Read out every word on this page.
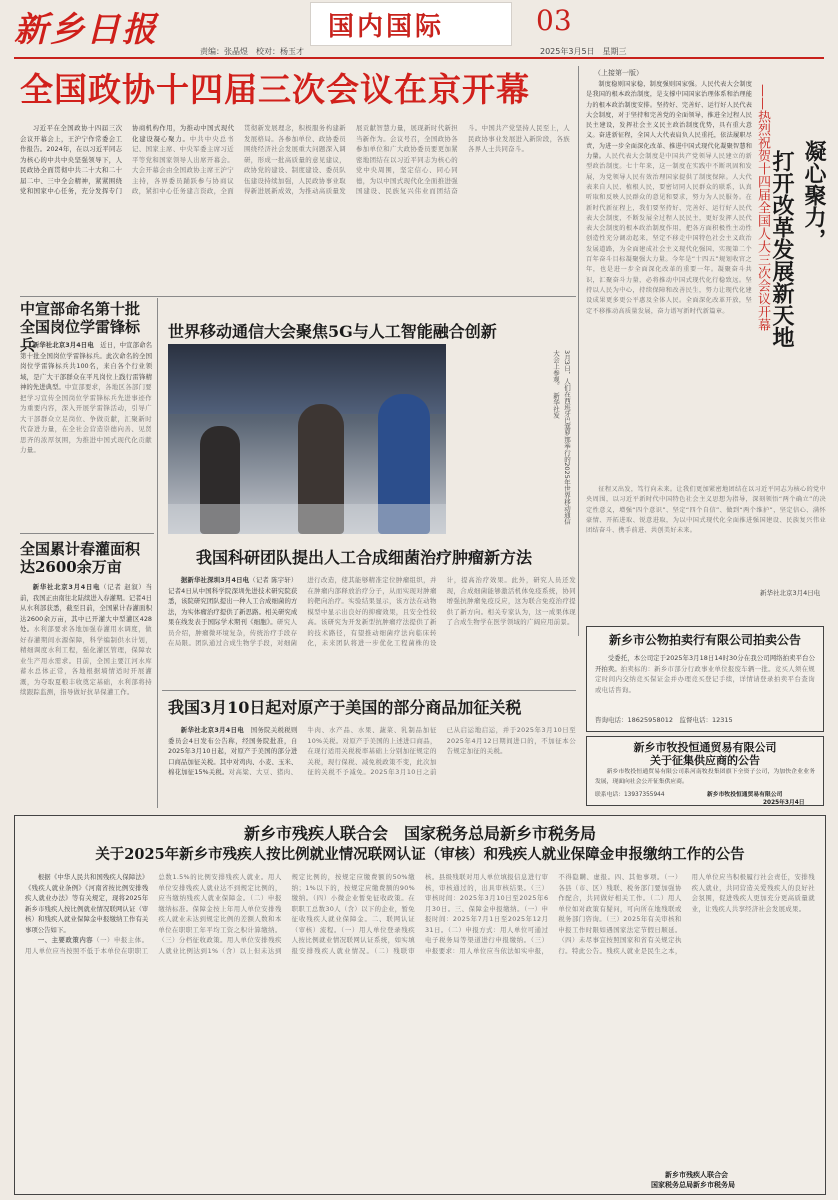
新乡日报	国内国际	03
责编：张晶煜　校对：杨玉才	2025年3月5日　星期三
全国政协十四届三次会议在京开幕

习近平在全国政协十四届三次会议开幕会上，王沪宁作常委会工作报告。2024年，在以习近平同志为核心的中共中央坚强领导下，人民政协全面贯彻中共二十大和二十届二中、三中全会精神，紧紧围绕党和国家中心任务，充分发挥专门协商机构作用，为推动中国式现代化建设凝心聚力。中共中央总书记、国家主席、中央军委主席习近平等党和国家领导人出席开幕会。大会开幕会由全国政协主席王沪宁主持，各界委员踊跃参与协商议政，紧扣中心任务建言资政，全面贯彻新发展理念，积极服务构建新发展格局。各参加单位、政协委员围绕经济社会发展重大问题深入调研，形成一批高质量的意见建议，政协党的建设、制度建设、委员队伍建设持续加强，人民政协事业取得新进展新成效，为推动高质量发展贡献智慧力量，展现新时代新担当新作为。会议号召，全国政协各参加单位和广大政协委员要更加紧密地团结在以习近平同志为核心的党中央周围，坚定信心、同心同德，为以中国式现代化全面推进强国建设、民族复兴伟业而团结奋斗。中国共产党坚持人民至上，人民政协事业发展进入新阶段，各族各界人士共同奋斗。

（上接第一版）

制度稳则国家稳，制度强则国家强。人民代表大会制度是我国的根本政治制度，是支撑中国国家治理体系和治理能力的根本政治制度安排。坚持好、完善好、运行好人民代表大会制度，对于坚持和完善党的全面领导，推进全过程人民民主建设，发挥社会主义民主政治制度优势，具有重大意义。奋进新征程，全国人大代表肩负人民重托，依法履职尽责，为进一步全面深化改革、推进中国式现代化凝聚智慧和力量。人民代表大会制度是中国共产党领导人民建立的新型政治制度。七十年来，这一制度在实践中不断巩固和发展，为党领导人民有效治理国家提供了制度保障。人大代表来自人民、植根人民，要密切同人民群众的联系，认真听取和反映人民群众的意见和要求，努力为人民服务。在新时代新征程上，我们要坚持好、完善好、运行好人民代表大会制度，不断发展全过程人民民主，更好发挥人民代表大会制度的根本政治制度作用，把各方面积极性主动性创造性充分调动起来，坚定不移走中国特色社会主义政治发展道路，为全面建成社会主义现代化强国、实现第二个百年奋斗目标凝聚强大力量。今年是“十四五”规划收官之年，也是进一步全面深化改革的重要一年。凝聚奋斗共识，汇聚奋斗力量，必将推动中国式现代化行稳致远。坚持以人民为中心，持续保障和改善民生，努力让现代化建设成果更多更公平惠及全体人民。全面深化改革开放，坚定不移推动高质量发展，奋力谱写新时代新篇章。

凝心聚力，
打开改革发展新天地
——热烈祝贺十四届全国人大三次会议开幕

征程又出发，笃行向未来。让我们更加紧密地团结在以习近平同志为核心的党中央周围，以习近平新时代中国特色社会主义思想为指导，深刻领悟“两个确立”的决定性意义，增强“四个意识”、坚定“四个自信”、做到“两个维护”，坚定信心、满怀豪情、开拓进取、锐意进取，为以中国式现代化全面推进强国建设、民族复兴伟业团结奋斗、携手前进、共创美好未来。

新华社北京3月4日电
中宣部命名第十批全国岗位学雷锋标兵

新华社北京3月4日电　 近日，中宣部命名第十批全国岗位学雷锋标兵。此次命名的全国岗位学雷锋标兵共100名，来自各个行业领域，是广大干部群众在平凡岗位上践行雷锋精神的先进典型。中宣部要求，各地区各部门要把学习宣传全国岗位学雷锋标兵先进事迹作为重要内容，深入开展学雷锋活动，引导广大干部群众立足岗位、争做贡献，汇聚新时代奋进力量，在全社会营造崇德向善、见贤思齐的浓厚氛围，为推进中国式现代化贡献力量。

全国累计春灌面积达2600余万亩

新华社北京3月4日电（记者 赵叙）当前，我国正由南往北陆续进入春灌期。记者4日从水利部获悉，截至目前，全国累计春灌面积达2600余万亩，其中已开灌大中型灌区428处。水利部要求各地加强春灌用水调度，做好春灌期间水源保障，科学编制供水计划，精细调度水利工程，强化灌区管理，保障农业生产用水需求。目前，全国主要江河水库蓄水总体正常，各地根据墒情适时开展灌溉，为夺取夏粮丰收奠定基础，水利部将持续跟踪监测，指导做好抗旱保灌工作。

世界移动通信大会聚焦5G与人工智能融合创新
3月3日，人们在西班牙巴塞罗那举行的2025年世界移动通信大会上参观。　新华社发
我国科研团队提出人工合成细菌治疗肿瘤新方法

据新华社深圳3月4日电（记者 陈宇轩）记者4日从中国科学院深圳先进技术研究院获悉，该院研究团队提出一种人工合成细菌的方法，为实体瘤治疗提供了新思路。相关研究成果在线发表于国际学术期刊《细胞》。研究人员介绍，肿瘤微环境复杂，传统治疗手段存在局限。团队通过合成生物学手段，对细菌进行改造，使其能够精准定位肿瘤组织，并在肿瘤内部释放治疗分子，从而实现对肿瘤的靶向治疗。实验结果显示，该方法在动物模型中显示出良好的抑瘤效果，且安全性较高。该研究为开发新型抗肿瘤疗法提供了新的技术路径，有望推动细菌疗法向临床转化，未来团队将进一步优化工程菌株的设计，提高治疗效果。此外，研究人员还发现，合成细菌能够激活机体免疫系统，协同增强抗肿瘤免疫反应，这为联合免疫治疗提供了新方向。相关专家认为，这一成果体现了合成生物学在医学领域的广阔应用前景。

我国3月10日起对原产于美国的部分商品加征关税

新华社北京3月4日电　 国务院关税税则委员会4日发布公告称，经国务院批准，自2025年3月10日起，对原产于美国的部分进口商品加征关税。其中对鸡肉、小麦、玉米、棉花加征15%关税。对高粱、大豆、猪肉、牛肉、水产品、水果、蔬菜、乳制品加征10%关税。对原产于美国的上述进口商品，在现行适用关税税率基础上分别加征规定的关税，现行保税、减免税政策不变，此次加征的关税不予减免。2025年3月10日之前已从启运地启运，并于2025年3月10日至2025年4月12日期间进口的，不加征本公告规定加征的关税。

新乡市公物拍卖行有限公司拍卖公告

受委托，本公司定于2025年3月18日14时30分在我公司网络拍卖平台公开拍卖。拍卖标的：新乡市部分行政事业单位报废车辆一批。竞买人须在规定时间内交纳竞买保证金并办理竞买登记手续，详情请登录拍卖平台查询或电话咨询。

咨询电话：18625958012　监督电话：12315
新乡市牧投恒通贸易有限公司
关于征集供应商的公告

新乡市牧投恒通贸易有限公司系河南牧投集团旗下全资子公司，为加快企业业务发展，现面向社会公开征集供应商。

联系电话：13937355944	新乡市牧投恒通贸易有限公司
2025年3月4日
新乡市残疾人联合会　国家税务总局新乡市税务局
关于2025年新乡市残疾人按比例就业情况联网认证（审核）和残疾人就业保障金申报缴纳工作的公告

根据《中华人民共和国残疾人保障法》《残疾人就业条例》《河南省按比例安排残疾人就业办法》等有关规定，现将2025年新乡市残疾人按比例就业情况联网认证（审核）和残疾人就业保障金申报缴纳工作有关事项公告如下。

一、主要政策内容（一）申报主体。用人单位应当按照不低于本单位在职职工总数1.5%的比例安排残疾人就业。用人单位安排残疾人就业达不到规定比例的，应当缴纳残疾人就业保障金。（二）申报缴纳标准。保障金按上年用人单位安排残疾人就业未达到规定比例的差额人数和本单位在职职工年平均工资之积计算缴纳。（三）分档征收政策。用人单位安排残疾人就业比例达到1%（含）以上但未达到规定比例的，按规定应缴费额的50%缴纳；1%以下的，按规定应缴费额的90%缴纳。（四）小微企业暂免征收政策。在职职工总数30人（含）以下的企业，暂免征收残疾人就业保障金。二、联网认证（审核）流程。（一）用人单位登录残疾人按比例就业情况联网认证系统，如实填报安排残疾人就业情况。（二）残联审核。县级残联对用人单位填报信息进行审核，审核通过的，出具审核结果。（三）审核时间：2025年3月10日至2025年6月30日。三、保障金申报缴纳。（一）申报时间：2025年7月1日至2025年12月31日。（二）申报方式：用人单位可通过电子税务局等渠道进行申报缴纳。（三）申报要求：用人单位应当依法如实申报，不得隐瞒、虚报。四、其他事项。（一）各县（市、区）残联、税务部门要加强协作配合，共同做好相关工作。（二）用人单位如对政策有疑问，可向所在地残联或税务部门咨询。（三）2025年有关审核和申报工作时限如遇国家法定节假日顺延。（四）未尽事宜按照国家和省有关规定执行。特此公告。残疾人就业是民生之本，用人单位应当积极履行社会责任，安排残疾人就业，共同营造关爱残疾人的良好社会氛围，促进残疾人更加充分更高质量就业，让残疾人共享经济社会发展成果。

新乡市残疾人联合会
国家税务总局新乡市税务局
